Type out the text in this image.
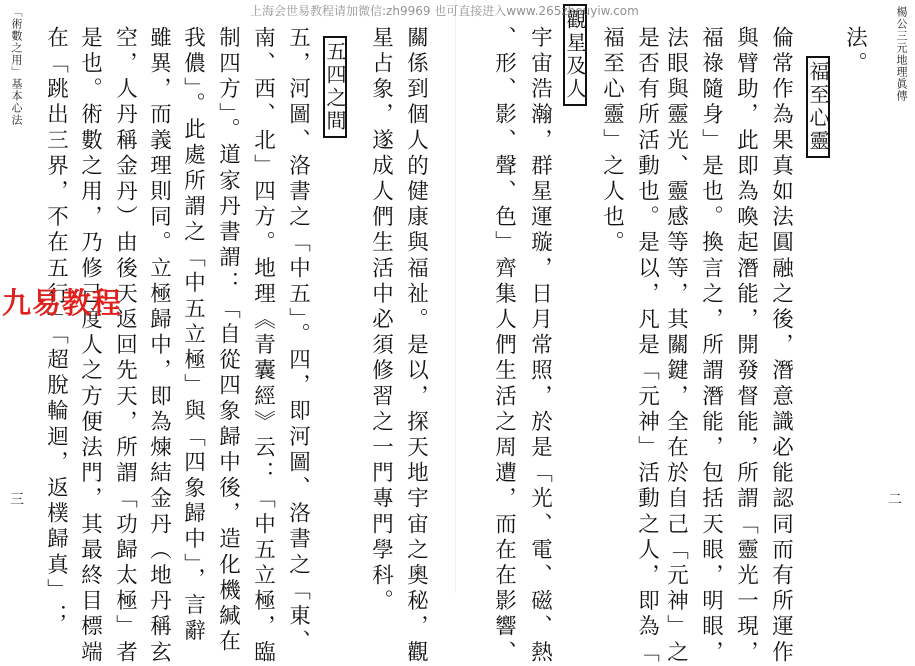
楊公三元地理眞傳
二
法。
福至心靈
倫常作為果真如法圓融之後，潛意識必能認同而有所運作
與臂助，此即為喚起潛能，開發督能，所謂「靈光一現，
福祿隨身」是也。換言之，所謂潛能，包括天眼，明眼，
法眼與靈光、靈感等等，其關鍵，全在於自己「元神」之
是否有所活動也。是以，凡是「元神」活動之人，即為「
福至心靈」之人也。
觀星及人
宇宙浩瀚，群星運璇，日月常照，於是「光、電、磁、熱
、形、影、聲、色」齊集人們生活之周遭，而在在影響、
關係到個人的健康與福祉。是以，探天地宇宙之奧秘，觀
星占象，遂成人們生活中必須修習之一門專門學科。
五四之間
五，河圖、洛書之「中五」。四，即河圖、洛書之「東、
南、西、北」四方。地理《青囊經》云：「中五立極，臨
制四方」。道家丹書謂：「自從四象歸中後，造化機緘在
我儂」。此處所謂之「中五立極」與「四象歸中」，言辭
雖異，而義理則同。立極歸中，即為煉結金丹（地丹稱玄
空，人丹稱金丹）由後天返回先天，所謂「功歸太極」者
是也。術數之用，乃修己度人之方便法門，其最終目標端
在「跳出三界，不在五行」「超脫輪迴，返樸歸真」；
「術數之用」基本心法
三
上海会世易教程请加微信:zh9969 也可直接进入www.265zhouyiw.com
九易教程
